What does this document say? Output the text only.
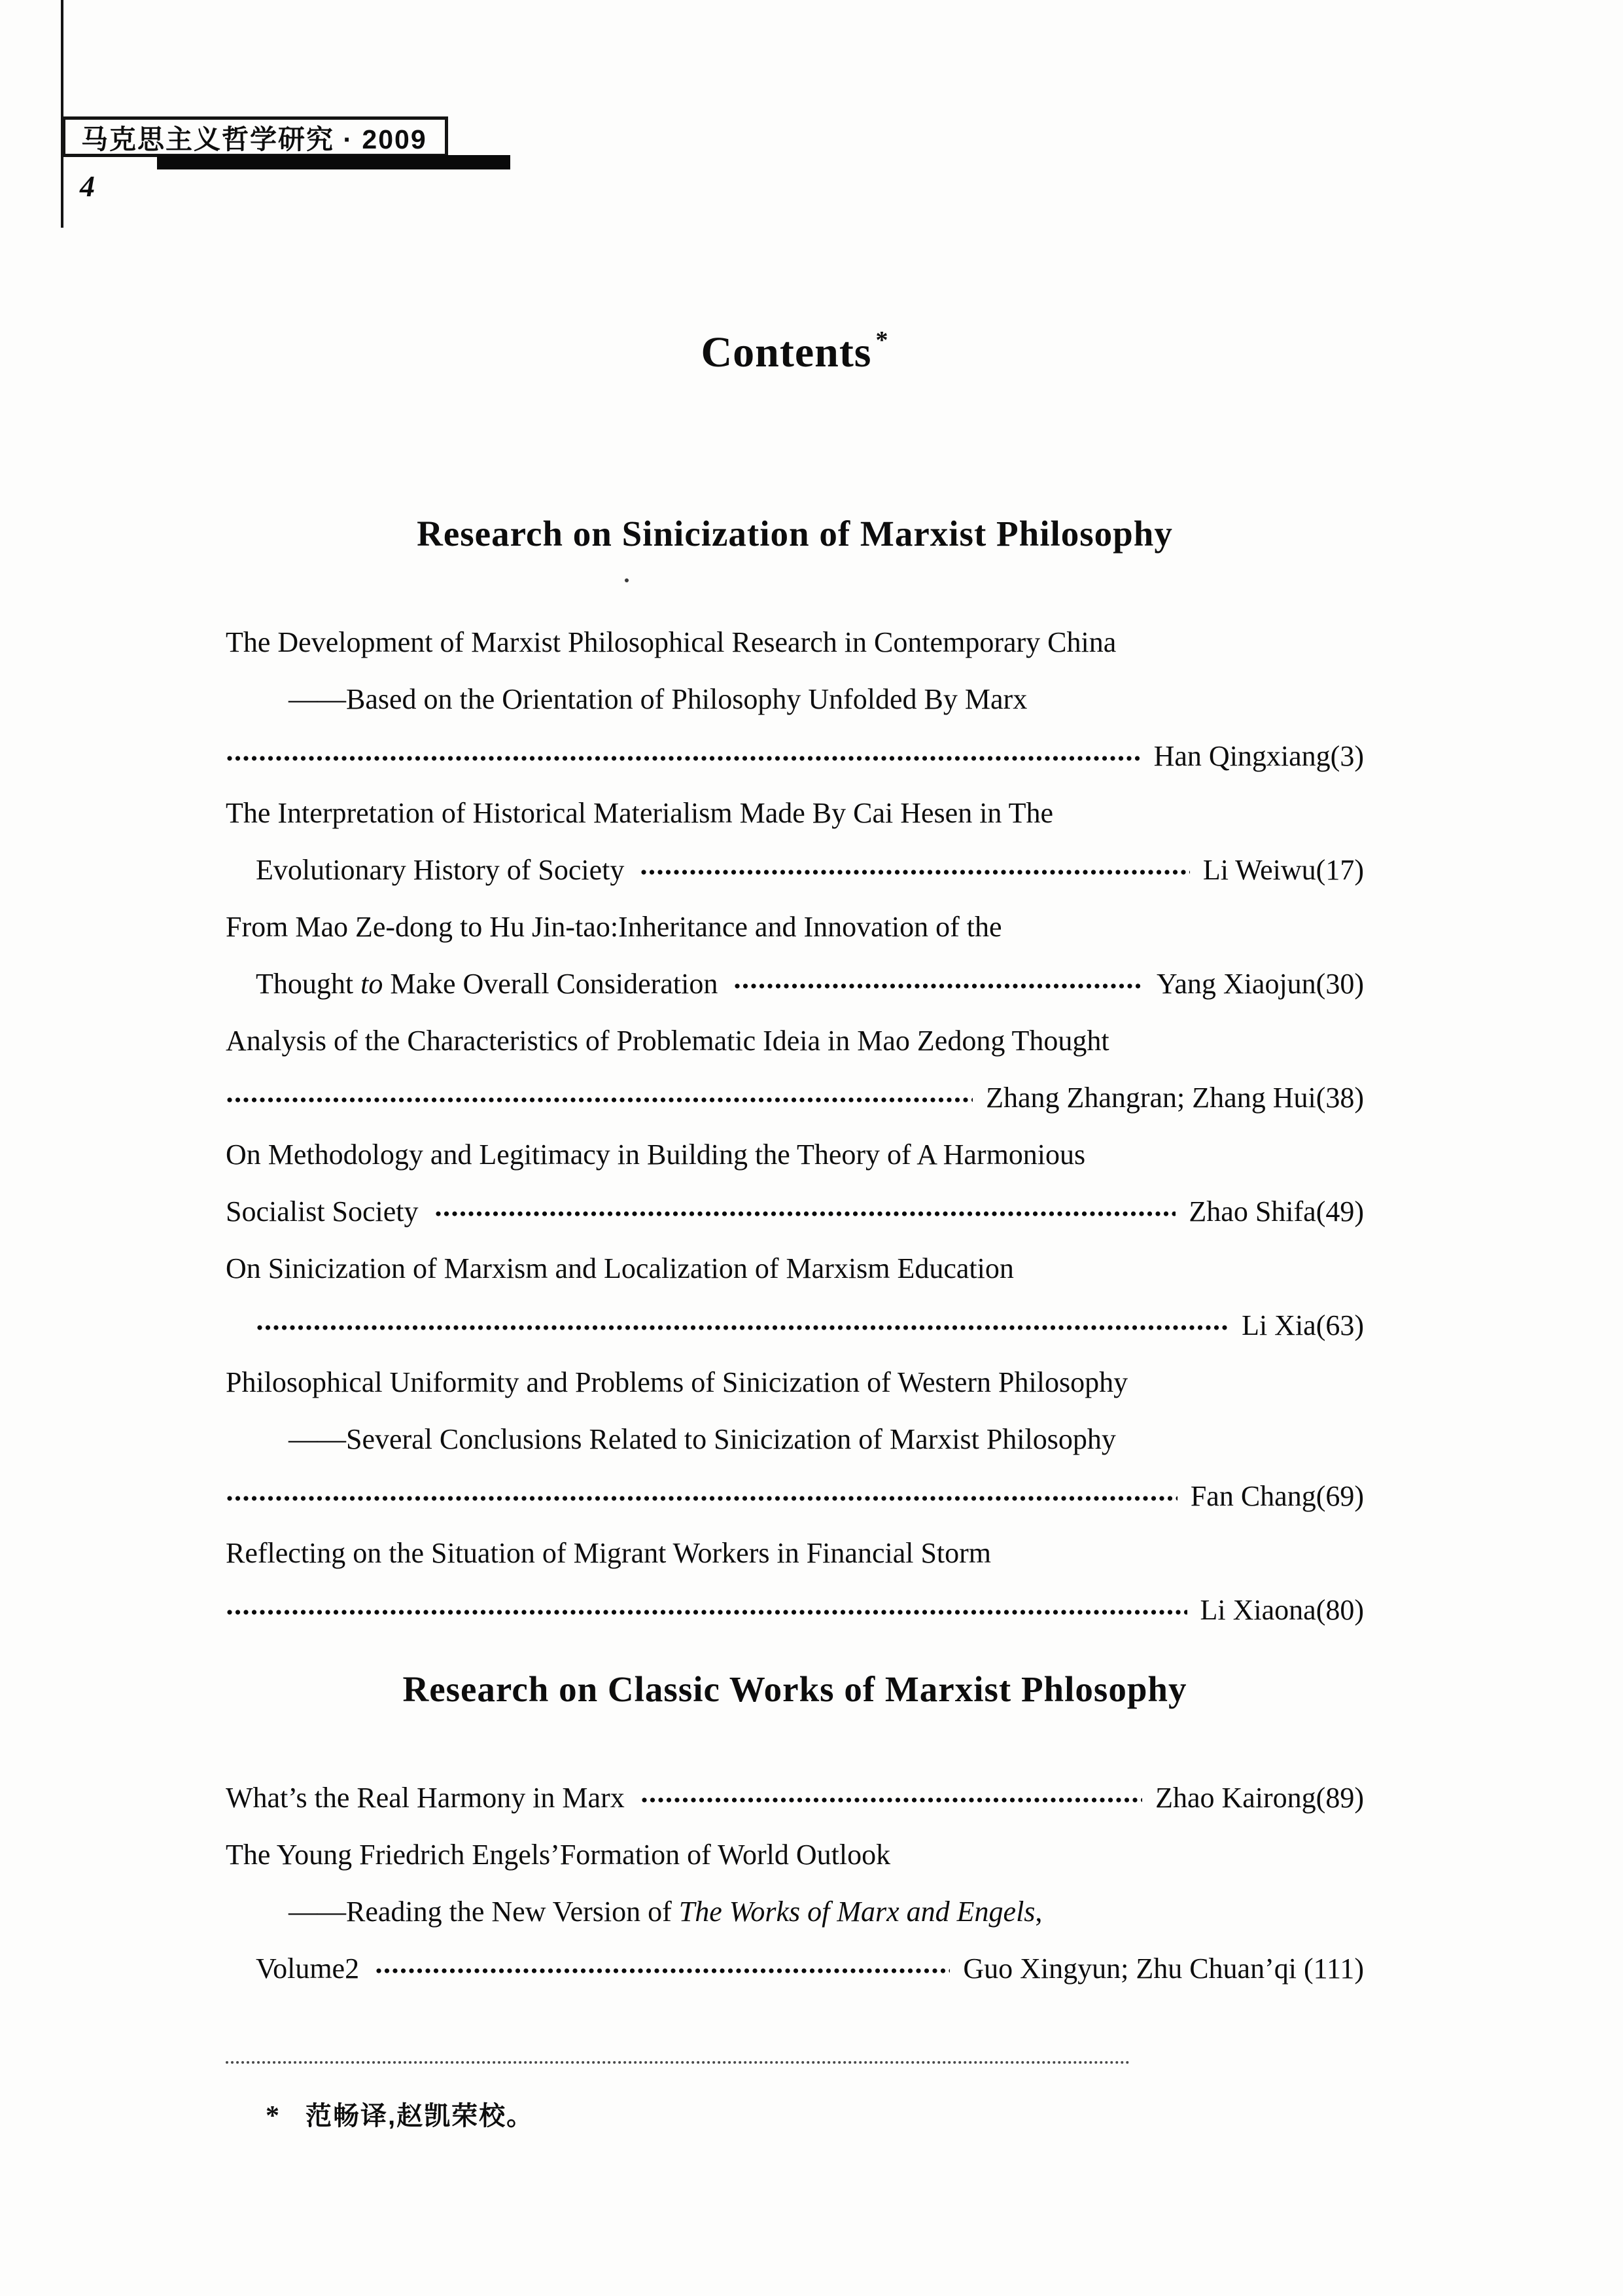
马克思主义哲学研究 · 2009
4
Contents *
Research on Sinicization of Marxist Philosophy
The Development of Marxist Philosophical Research in Contemporary China
——Based on the Orientation of Philosophy Unfolded By Marx
Han Qingxiang(3)
The Interpretation of Historical Materialism Made By Cai Hesen in The
Evolutionary History of Society	Li Weiwu(17)
From Mao Ze-dong to Hu Jin-tao:Inheritance and Innovation of the
Thought to Make Overall Consideration	Yang Xiaojun(30)
Analysis of the Characteristics of Problematic Ideia in Mao Zedong Thought
Zhang Zhangran; Zhang Hui(38)
On Methodology and Legitimacy in Building the Theory of A Harmonious
Socialist Society	Zhao Shifa(49)
On Sinicization of Marxism and Localization of Marxism Education
Li Xia(63)
Philosophical Uniformity and Problems of Sinicization of Western Philosophy
——Several Conclusions Related to Sinicization of Marxist Philosophy
Fan Chang(69)
Reflecting on the Situation of Migrant Workers in Financial Storm
Li Xiaona(80)
Research on Classic Works of Marxist Phlosophy
What’s the Real Harmony in Marx	Zhao Kairong(89)
The Young Friedrich Engels’Formation of World Outlook
——Reading the New Version of The Works of Marx and Engels,
Volume2	Guo Xingyun; Zhu Chuan’qi (111)
* 范畅译,赵凯荣校。
